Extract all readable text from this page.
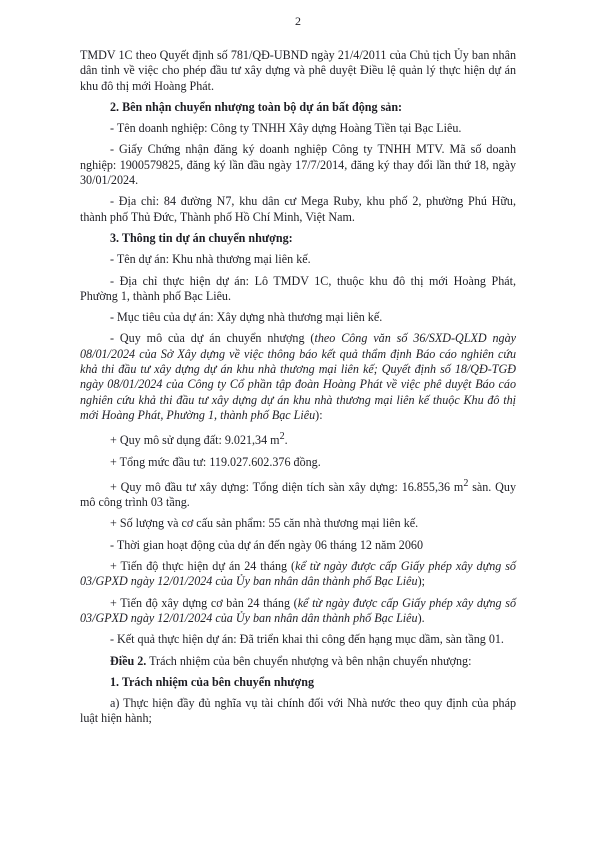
2

TMDV 1C theo Quyết định số 781/QĐ-UBND ngày 21/4/2011 của Chủ tịch Ủy ban nhân dân tỉnh về việc cho phép đầu tư xây dựng và phê duyệt Điều lệ quản lý thực hiện dự án khu đô thị mới Hoàng Phát.

2. Bên nhận chuyển nhượng toàn bộ dự án bất động sản:

- Tên doanh nghiệp: Công ty TNHH Xây dựng Hoàng Tiền tại Bạc Liêu.

- Giấy Chứng nhận đăng ký doanh nghiệp Công ty TNHH MTV. Mã số doanh nghiệp: 1900579825, đăng ký lần đầu ngày 17/7/2014, đăng ký thay đổi lần thứ 18, ngày 30/01/2024.

- Địa chỉ: 84 đường N7, khu dân cư Mega Ruby, khu phố 2, phường Phú Hữu, thành phố Thủ Đức, Thành phố Hồ Chí Minh, Việt Nam.

3. Thông tin dự án chuyển nhượng:

- Tên dự án: Khu nhà thương mại liên kế.

- Địa chỉ thực hiện dự án: Lô TMDV 1C, thuộc khu đô thị mới Hoàng Phát, Phường 1, thành phố Bạc Liêu.

- Mục tiêu của dự án: Xây dựng nhà thương mại liên kế.

- Quy mô của dự án chuyển nhượng (theo Công văn số 36/SXD-QLXD ngày 08/01/2024 của Sở Xây dựng về việc thông báo kết quả thẩm định Báo cáo nghiên cứu khả thi đầu tư xây dựng dự án khu nhà thương mại liên kế; Quyết định số 18/QĐ-TGĐ ngày 08/01/2024 của Công ty Cổ phần tập đoàn Hoàng Phát về việc phê duyệt Báo cáo nghiên cứu khả thi đầu tư xây dựng dự án khu nhà thương mại liên kế thuộc Khu đô thị mới Hoàng Phát, Phường 1, thành phố Bạc Liêu):

+ Quy mô sử dụng đất: 9.021,34 $m^2$.

+ Tổng mức đầu tư: 119.027.602.376 đồng.

+ Quy mô đầu tư xây dựng: Tổng diện tích sàn xây dựng: 16.855,36 $m^2$ sàn. Quy mô công trình 03 tầng.

+ Số lượng và cơ cấu sản phẩm: 55 căn nhà thương mại liên kế.

- Thời gian hoạt động của dự án đến ngày 06 tháng 12 năm 2060

+ Tiến độ thực hiện dự án 24 tháng (kể từ ngày được cấp Giấy phép xây dựng số 03/GPXD ngày 12/01/2024 của Ủy ban nhân dân thành phố Bạc Liêu);

+ Tiến độ xây dựng cơ bản 24 tháng (kể từ ngày được cấp Giấy phép xây dựng số 03/GPXD ngày 12/01/2024 của Ủy ban nhân dân thành phố Bạc Liêu).

- Kết quả thực hiện dự án: Đã triển khai thi công đến hạng mục dầm, sàn tầng 01.

Điều 2. Trách nhiệm của bên chuyển nhượng và bên nhận chuyển nhượng:

1. Trách nhiệm của bên chuyển nhượng

a) Thực hiện đầy đủ nghĩa vụ tài chính đối với Nhà nước theo quy định của pháp luật hiện hành;
